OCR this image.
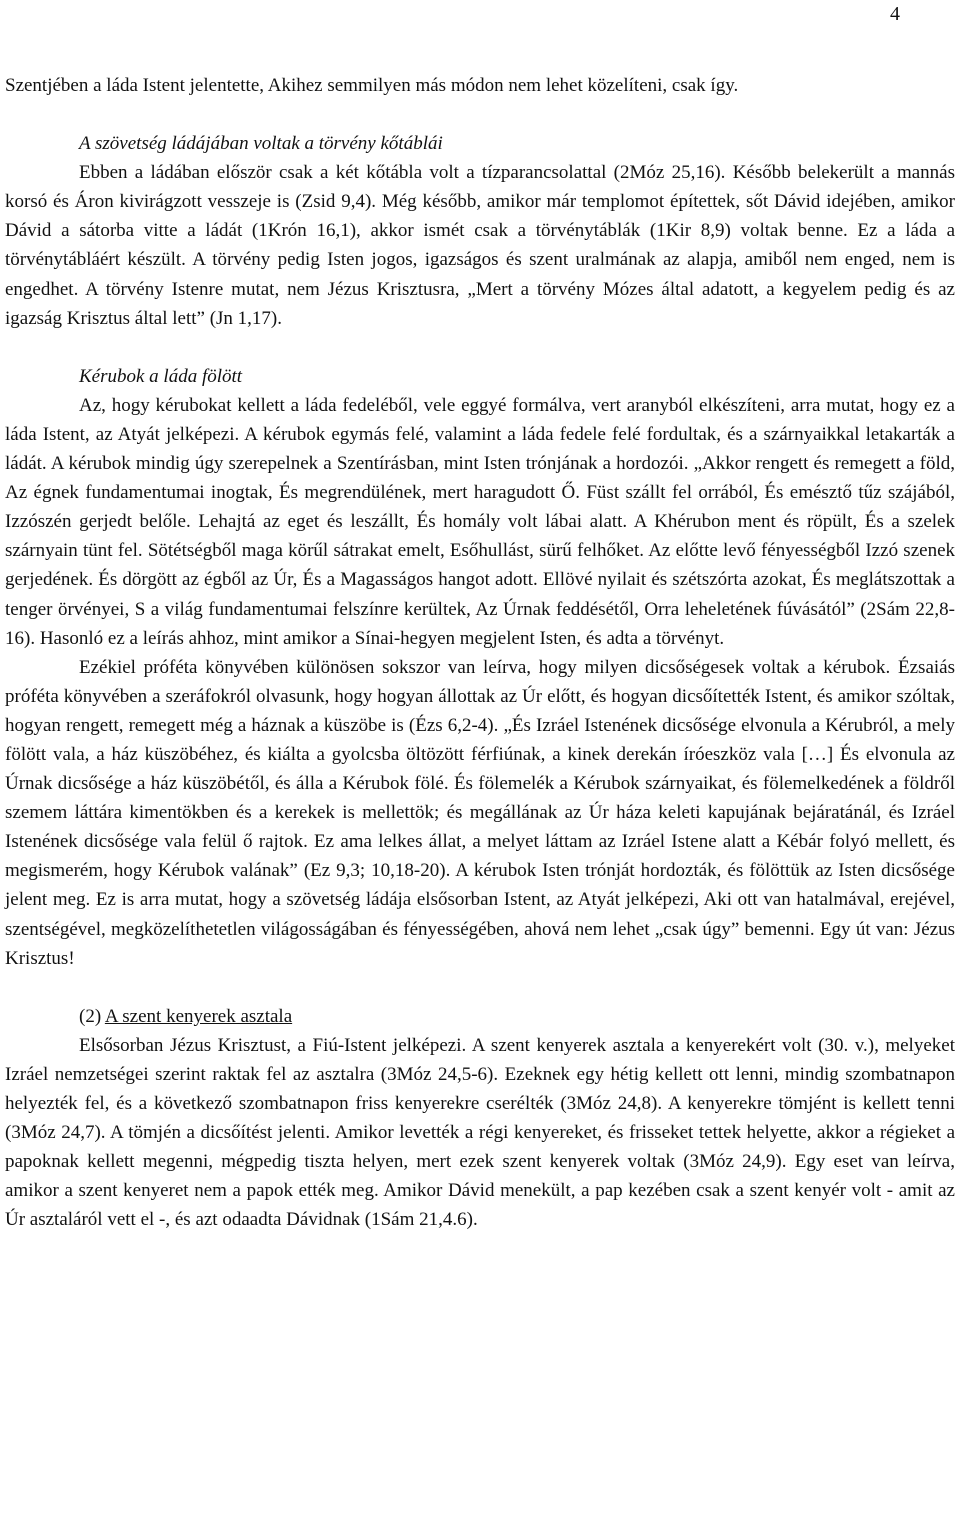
4

Szentjében a láda Istent jelentette, Akihez semmilyen más módon nem lehet közelíteni, csak így.

A szövetség ládájában voltak a törvény kőtáblái

Ebben a ládában először csak a két kőtábla volt a tízparancsolattal (2Móz 25,16). Később belekerült a mannás korsó és Áron kivirágzott vesszeje is (Zsid 9,4). Még később, amikor már templomot építettek, sőt Dávid idejében, amikor Dávid a sátorba vitte a ládát (1Krón 16,1), akkor ismét csak a törvénytáblák (1Kir 8,9) voltak benne. Ez a láda a törvénytábláért készült. A törvény pedig Isten jogos, igazságos és szent uralmának az alapja, amiből nem enged, nem is engedhet. A törvény Istenre mutat, nem Jézus Krisztusra, „Mert a törvény Mózes által adatott, a kegyelem pedig és az igazság Krisztus által lett” (Jn 1,17).

Kérubok a láda fölött

Az, hogy kérubokat kellett a láda fedeléből, vele eggyé formálva, vert aranyból elkészíteni, arra mutat, hogy ez a láda Istent, az Atyát jelképezi. A kérubok egymás felé, valamint a láda fedele felé fordultak, és a szárnyaikkal letakarták a ládát. A kérubok mindig úgy szerepelnek a Szentírásban, mint Isten trónjának a hordozói. „Akkor rengett és remegett a föld, Az égnek fundamentumai inogtak, És megrendülének, mert haragudott Ő. Füst szállt fel orrából, És emésztő tűz szájából, Izzószén gerjedt belőle. Lehajtá az eget és leszállt, És homály volt lábai alatt. A Khérubon ment és röpült, És a szelek szárnyain tünt fel. Sötétségből maga körűl sátrakat emelt, Esőhullást, sürű felhőket. Az előtte levő fényességből Izzó szenek gerjedének. És dörgött az égből az Úr, És a Magasságos hangot adott. Ellövé nyilait és szétszórta azokat, És meglátszottak a tenger örvényei, S a világ fundamentumai felszínre kerültek, Az Úrnak feddésétől, Orra leheletének fúvásától” (2Sám 22,8-16). Hasonló ez a leírás ahhoz, mint amikor a Sínai-hegyen megjelent Isten, és adta a törvényt.

Ezékiel próféta könyvében különösen sokszor van leírva, hogy milyen dicsőségesek voltak a kérubok. Ézsaiás próféta könyvében a szeráfokról olvasunk, hogy hogyan állottak az Úr előtt, és hogyan dicsőítették Istent, és amikor szóltak, hogyan rengett, remegett még a háznak a küszöbe is (Ézs 6,2-4). „És Izráel Istenének dicsősége elvonula a Kérubról, a mely fölött vala, a ház küszöbéhez, és kiálta a gyolcsba öltözött férfiúnak, a kinek derekán íróeszköz vala […] És elvonula az Úrnak dicsősége a ház küszöbétől, és álla a Kérubok fölé. És fölemelék a Kérubok szárnyaikat, és fölemelkedének a földről szemem láttára kimentökben és a kerekek is mellettök; és megállának az Úr háza keleti kapujának bejáratánál, és Izráel Istenének dicsősége vala felül ő rajtok. Ez ama lelkes állat, a melyet láttam az Izráel Istene alatt a Kébár folyó mellett, és megismerém, hogy Kérubok valának” (Ez 9,3; 10,18-20). A kérubok Isten trónját hordozták, és fölöttük az Isten dicsősége jelent meg. Ez is arra mutat, hogy a szövetség ládája elsősorban Istent, az Atyát jelképezi, Aki ott van hatalmával, erejével, szentségével, megközelíthetetlen világosságában és fényességében, ahová nem lehet „csak úgy” bemenni. Egy út van: Jézus Krisztus!

(2) A szent kenyerek asztala

Elsősorban Jézus Krisztust, a Fiú-Istent jelképezi. A szent kenyerek asztala a kenyerekért volt (30. v.), melyeket Izráel nemzetségei szerint raktak fel az asztalra (3Móz 24,5-6). Ezeknek egy hétig kellett ott lenni, mindig szombatnapon helyezték fel, és a következő szombatnapon friss kenyerekre cserélték (3Móz 24,8). A kenyerekre tömjént is kellett tenni (3Móz 24,7). A tömjén a dicsőítést jelenti. Amikor levették a régi kenyereket, és frisseket tettek helyette, akkor a régieket a papoknak kellett megenni, mégpedig tiszta helyen, mert ezek szent kenyerek voltak (3Móz 24,9). Egy eset van leírva, amikor a szent kenyeret nem a papok ették meg. Amikor Dávid menekült, a pap kezében csak a szent kenyér volt - amit az Úr asztaláról vett el -, és azt odaadta Dávidnak (1Sám 21,4.6).
